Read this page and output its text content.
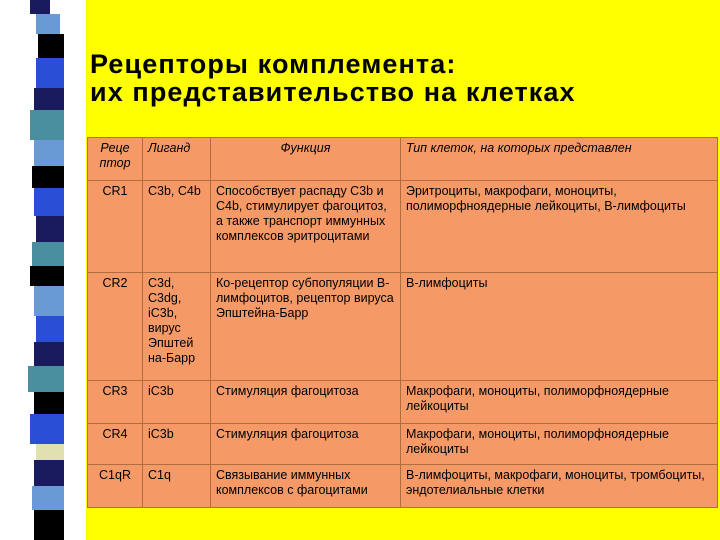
Рецепторы комплемента:
их представительство на клетках
Реце птор	Лиганд	Функция	Тип клеток, на которых представлен
CR1	C3b, C4b	Способствует распаду C3b и C4b, стимулирует фагоцитоз, а также транспорт иммунных комплексов эритроцитами	Эритроциты, макрофаги, моноциты, полиморфноядерные лейкоциты, В-лимфоциты
CR2	C3d, C3dg, iC3b, вирус Эпштей на-Барр	Ко-рецептор субпопуляции В-лимфоцитов, рецептор вируса Эпштейна-Барр	В-лимфоциты
CR3	iC3b	Стимуляция фагоцитоза	Макрофаги, моноциты, полиморфноядерные лейкоциты
CR4	iC3b	Стимуляция фагоцитоза	Макрофаги, моноциты, полиморфноядерные лейкоциты
C1qR	C1q	Связывание иммунных комплексов с фагоцитами	В-лимфоциты, макрофаги, моноциты, тромбоциты, эндотелиальные клетки
